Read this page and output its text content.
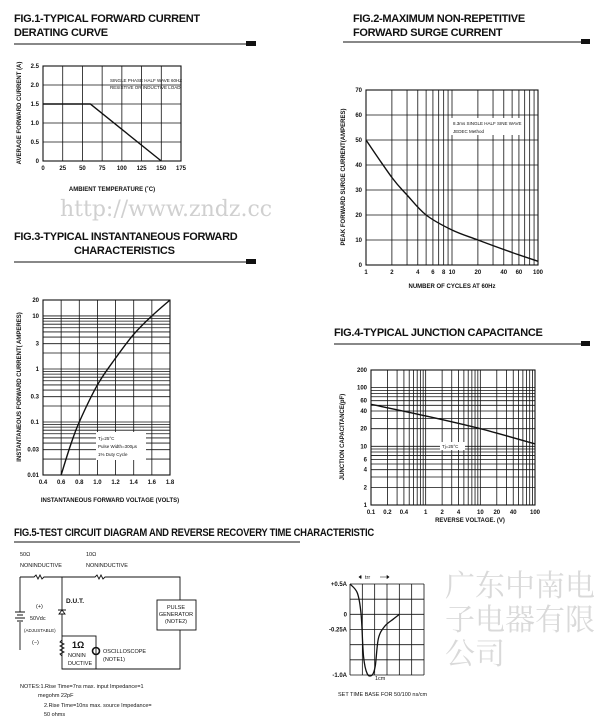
FIG.1-TYPICAL FORWARD CURRENT
DERATING CURVE
0 25 50 75 100 125 150 175
0
0.5
1.0
1.5
2.0
2.5
AMBIENT TEMPERATURE (˚C)
AVERAGE FORWARD CURRENT (A)	SINGLE PHASE HALF WAVE 60HZ
RESISTIVE OR INDUCTIVE LOAD
http://www.zndz.cc
FIG.2-MAXIMUM NON-REPETITIVE
FORWARD SURGE CURRENT
1	2	4 6 8 10	20	40 60 100
0
10
20
30
40
50
60
70
NUMBER OF CYCLES AT 60Hz
PEAK FORWARD SURGE CURRENT(AMPERES)	8.3ms SINGLE HALF SINE WAVE
JEDEC Method
FIG.3-TYPICAL INSTANTANEOUS FORWARD
CHARACTERISTICS
0.4 0.6 0.8 1.0 1.2 1.4 1.6 1.8
0.01
0.03
0.1
0.3
1
3
10
20
INSTANTANEOUS FORWARD VOLTAGE (VOLTS)
INSTANTANEOUS FORWARD CURRENT( AMPERES)	Tj=25°C
Pulse Width=300μs
1% Duty Cycle
FIG.4-TYPICAL JUNCTION CAPACITANCE
0.1 0.2 0.4	1 2 4	10 20 40 100
1
2
4
6
10
20
40
60
100
200
REVERSE VOLTAGE. (V)
JUNCTION CAPACITANCE(pF)	Tj=25°C
FIG.5-TEST CIRCUIT DIAGRAM AND REVERSE RECOVERY TIME CHARACTERISTIC
50Ω
NONINDUCTIVE
10Ω
NONINDUCTIVE
D.U.T.
(+)
50Vdc
(ADJUSTABLE)
(−)	1Ω
NONIN
DUCTIVE
OSCILLOSCOPE
(NOTE1)
PULSE
GENERATOR
(NOTE2)
NOTES:1.Rise Time=7ns max. input Impedance=1
megohm 22pF
2.Rise Time=10ns max. source Impedance=
50 ohms
+0.5A
0
-0.25A
-1.0A
trr
1cm
SET TIME BASE FOR 50/100 ns/cm
广东中南电子电器有限公司
